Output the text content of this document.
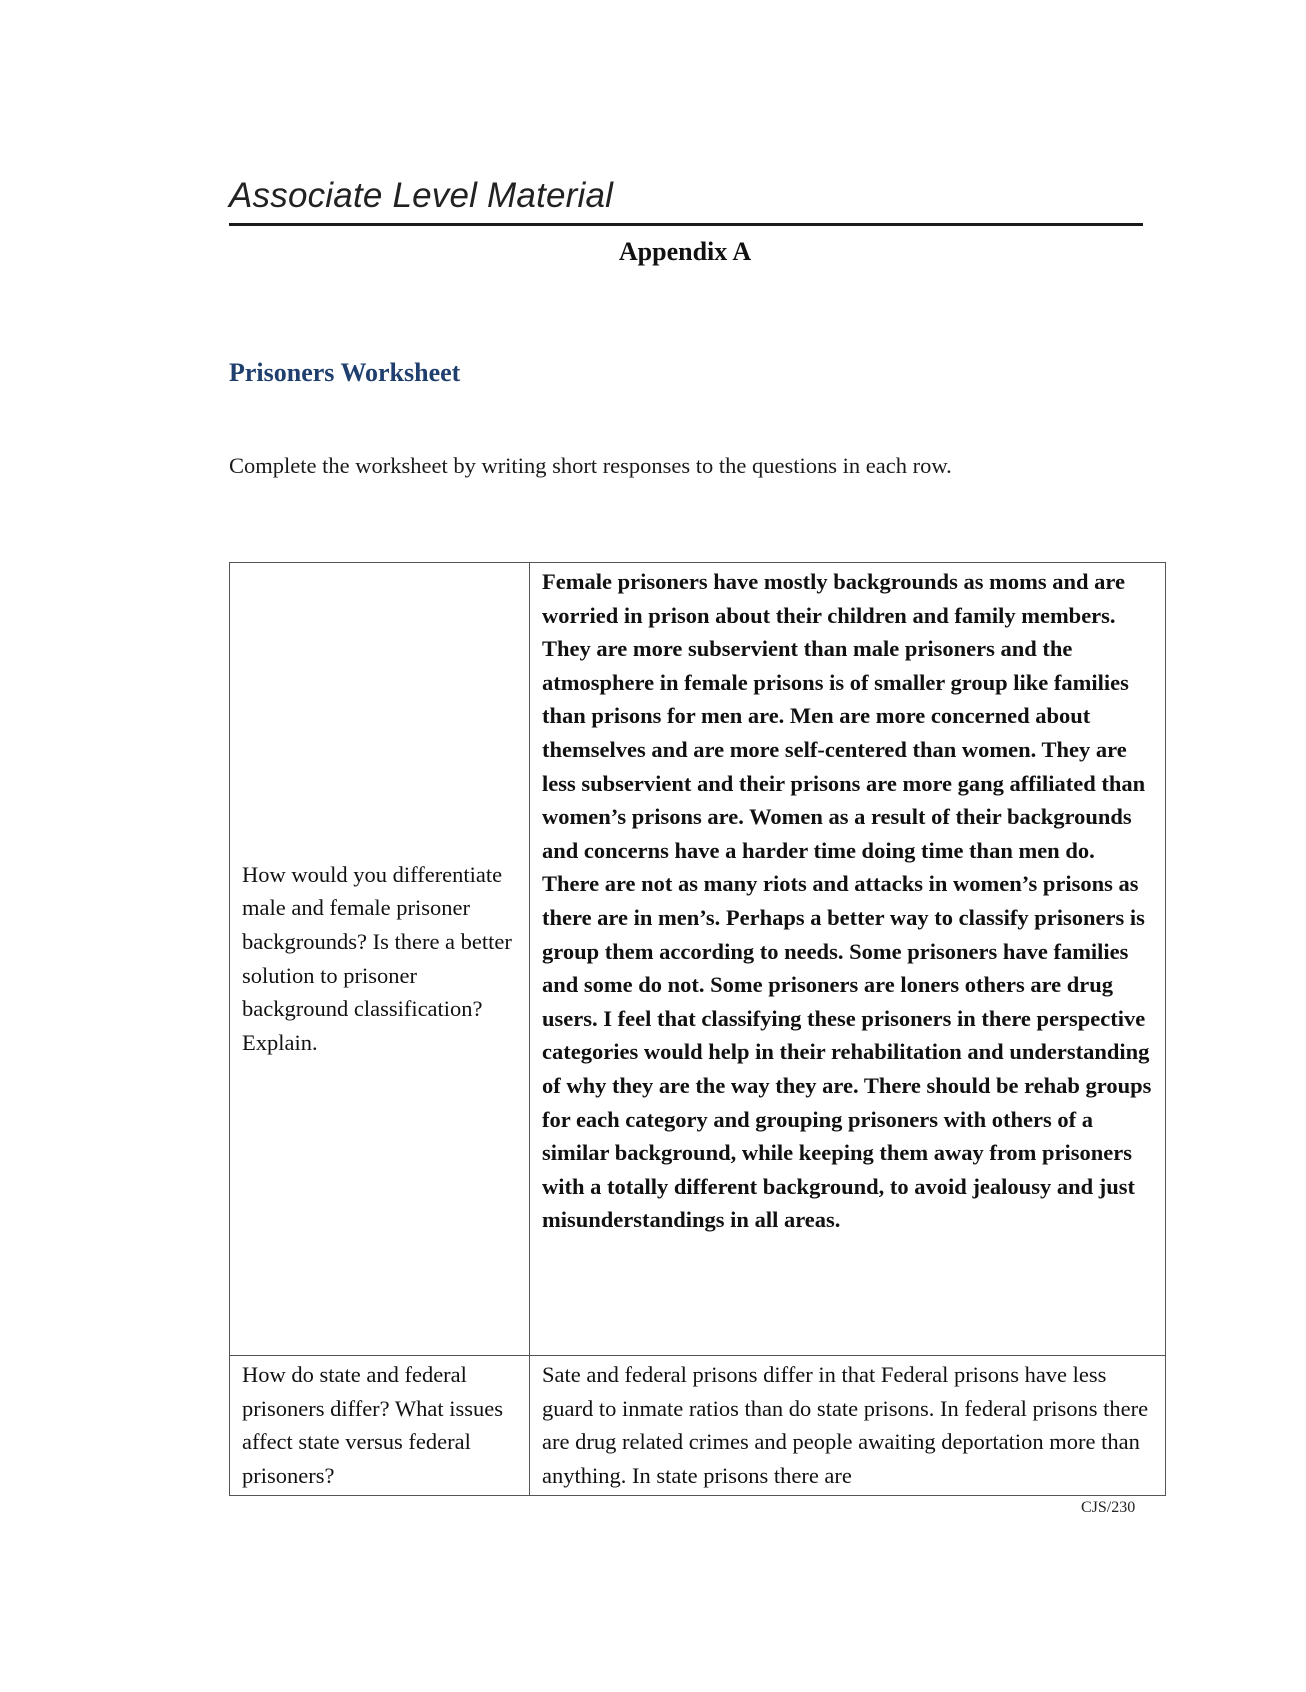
Associate Level Material
Appendix A
Prisoners Worksheet
Complete the worksheet by writing short responses to the questions in each row.
How would you differentiate male and female prisoner backgrounds? Is there a better solution to prisoner background classification? Explain.	Female prisoners have mostly backgrounds as moms and are worried in prison about their children and family members. They are more subservient than male prisoners and the atmosphere in female prisons is of smaller group like families than prisons for men are. Men are more concerned about themselves and are more self-centered than women. They are less subservient and their prisons are more gang affiliated than women’s prisons are. Women as a result of their backgrounds and concerns have a harder time doing time than men do. There are not as many riots and attacks in women’s prisons as there are in men’s. Perhaps a better way to classify prisoners is group them according to needs. Some prisoners have families and some do not. Some prisoners are loners others are drug users. I feel that classifying these prisoners in there perspective categories would help in their rehabilitation and understanding of why they are the way they are. There should be rehab groups for each category and grouping prisoners with others of a similar background, while keeping them away from prisoners with a totally different background, to avoid jealousy and just misunderstandings in all areas.
How do state and federal prisoners differ? What issues affect state versus federal prisoners?	Sate and federal prisons differ in that Federal prisons have less guard to inmate ratios than do state prisons. In federal prisons there are drug related crimes and people awaiting deportation more than anything. In state prisons there are
CJS/230
